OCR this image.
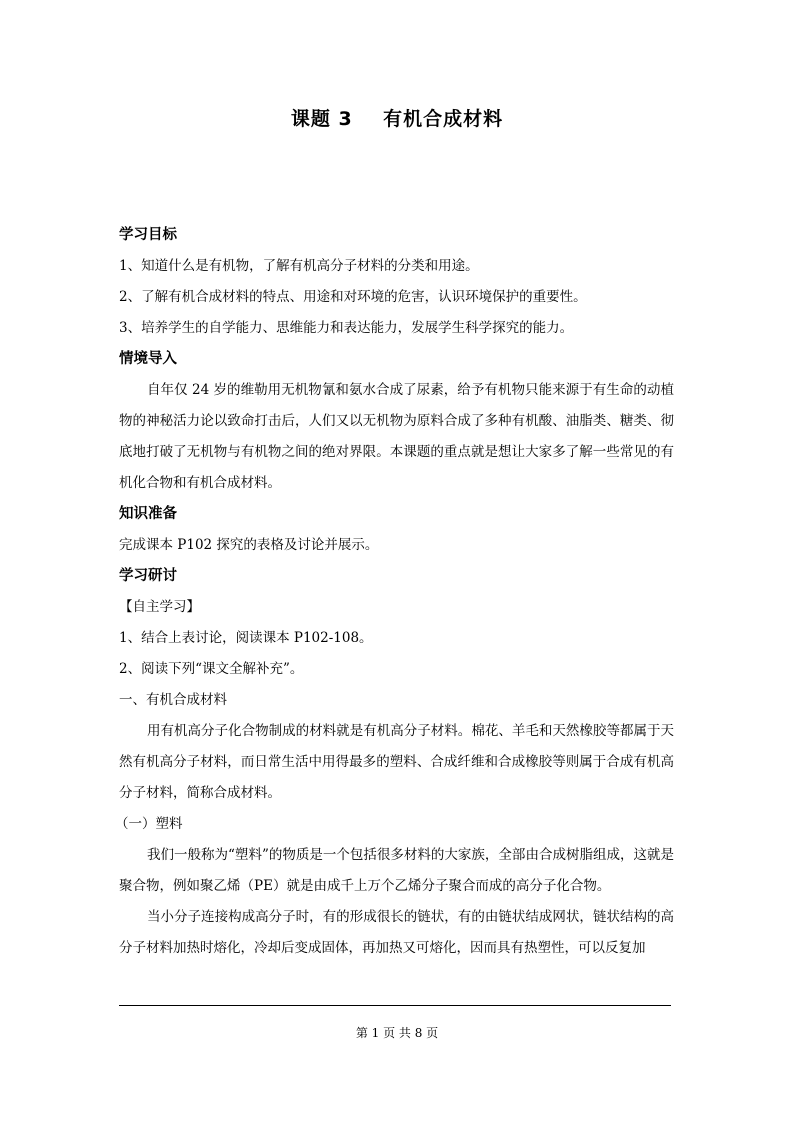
课题 3    有机合成材料
学习目标
1、知道什么是有机物，了解有机高分子材料的分类和用途。
2、了解有机合成材料的特点、用途和对环境的危害，认识环境保护的重要性。
3、培养学生的自学能力、思维能力和表达能力，发展学生科学探究的能力。
情境导入
自年仅 24 岁的维勒用无机物氰和氨水合成了尿素，给予有机物只能来源于有生命的动植物的神秘活力论以致命打击后，人们又以无机物为原料合成了多种有机酸、油脂类、糖类、彻底地打破了无机物与有机物之间的绝对界限。本课题的重点就是想让大家多了解一些常见的有机化合物和有机合成材料。
知识准备
完成课本 P102 探究的表格及讨论并展示。
学习研讨
【自主学习】
1、结合上表讨论，阅读课本 P102-108。
2、阅读下列“课文全解补充”。
一、有机合成材料
用有机高分子化合物制成的材料就是有机高分子材料。棉花、羊毛和天然橡胶等都属于天然有机高分子材料，而日常生活中用得最多的塑料、合成纤维和合成橡胶等则属于合成有机高分子材料，简称合成材料。
（一）塑料
我们一般称为“塑料”的物质是一个包括很多材料的大家族，全部由合成树脂组成，这就是聚合物，例如聚乙烯（PE）就是由成千上万个乙烯分子聚合而成的高分子化合物。
当小分子连接构成高分子时，有的形成很长的链状，有的由链状结成网状，链状结构的高分子材料加热时熔化，冷却后变成固体，再加热又可熔化，因而具有热塑性，可以反复加
第 1 页 共 8 页
